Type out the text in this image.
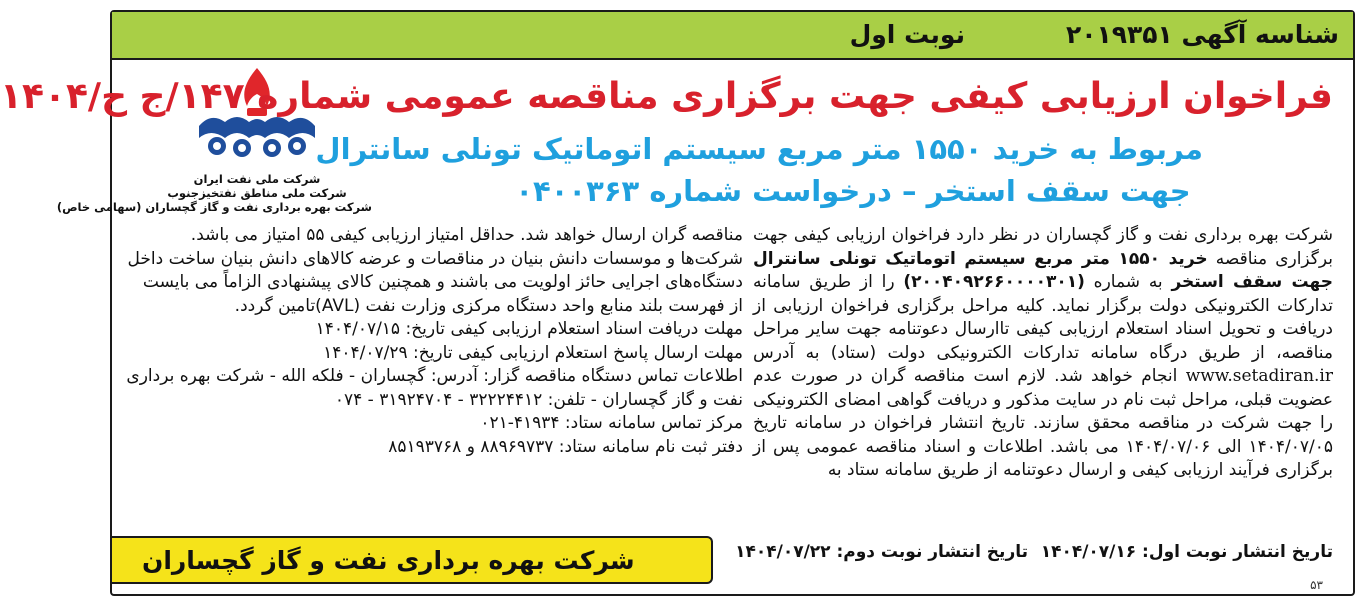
شناسه آگهی ۲۰۱۹۳۵۱
نوبت اول
شرکت ملی نفت ایران
شرکت ملی مناطق نفتخیزجنوب
شرکت بهره برداری نفت و گاز گچساران (سهامی خاص)
فراخوان ارزیابی کیفی جهت برگزاری مناقصه عمومی شماره ۱۴۷/ج ح/۱۴۰۴
مربوط به خرید ۱۵۵۰ متر مربع سیستم اتوماتیک تونلی سانترال
جهت سقف استخر – درخواست شماره ۰۴۰۰۳۶۳

شرکت بهره برداری نفت و گاز گچساران در نظر دارد فراخوان ارزیابی کیفی جهت برگزاری مناقصه خرید ۱۵۵۰ متر مربع سیستم اتوماتیک تونلی سانترال جهت سقف استخر به شماره (۲۰۰۴۰۹۲۶۶۰۰۰۰۳۰۱) را از طریق سامانه تدارکات الکترونیکی دولت برگزار نماید. کلیه مراحل برگزاری فراخوان ارزیابی از دریافت و تحویل اسناد استعلام ارزیابی کیفی تاارسال دعوتنامه جهت سایر مراحل مناقصه، از طریق درگاه سامانه تدارکات الکترونیکی دولت (ستاد) به آدرس www.setadiran.ir انجام خواهد شد. لازم است مناقصه گران در صورت عدم عضویت قبلی، مراحل ثبت نام در سایت مذکور و دریافت گواهی امضای الکترونیکی را جهت شرکت در مناقصه محقق سازند. تاریخ انتشار فراخوان در سامانه تاریخ ۱۴۰۴/۰۷/۰۵ الی ۱۴۰۴/۰۷/۰۶ می باشد. اطلاعات و اسناد مناقصه عمومی پس از برگزاری فرآیند ارزیابی کیفی و ارسال دعوتنامه از طریق سامانه ستاد به

مناقصه گران ارسال خواهد شد. حداقل امتیاز ارزیابی کیفی ۵۵ امتیاز می باشد.
شرکت‌ها و موسسات دانش بنیان در مناقصات و عرضه کالاهای دانش بنیان ساخت داخل
دستگاه‌های اجرایی حائز اولویت می باشند و همچنین کالای پیشنهادی الزاماً می بایست
از فهرست بلند منابع واحد دستگاه مرکزی وزارت نفت (AVL)تامین گردد.
مهلت دریافت اسناد استعلام ارزیابی کیفی تاریخ: ۱۴۰۴/۰۷/۱۵
مهلت ارسال پاسخ استعلام ارزیابی کیفی تاریخ: ۱۴۰۴/۰۷/۲۹
اطلاعات تماس دستگاه مناقصه گزار: آدرس: گچساران - فلکه الله - شرکت بهره برداری
نفت و گاز گچساران - تلفن: ۳۲۲۲۴۴۱۲ - ۳۱۹۲۴۷۰۴ - ۰۷۴
مرکز تماس سامانه ستاد: ۴۱۹۳۴-۰۲۱
دفتر ثبت نام سامانه ستاد: ۸۸۹۶۹۷۳۷ و ۸۵۱۹۳۷۶۸
تاریخ انتشار نوبت اول: ۱۴۰۴/۰۷/۱۶
تاریخ انتشار نوبت دوم: ۱۴۰۴/۰۷/۲۲
شرکت بهره برداری نفت و گاز گچساران
۵۳
